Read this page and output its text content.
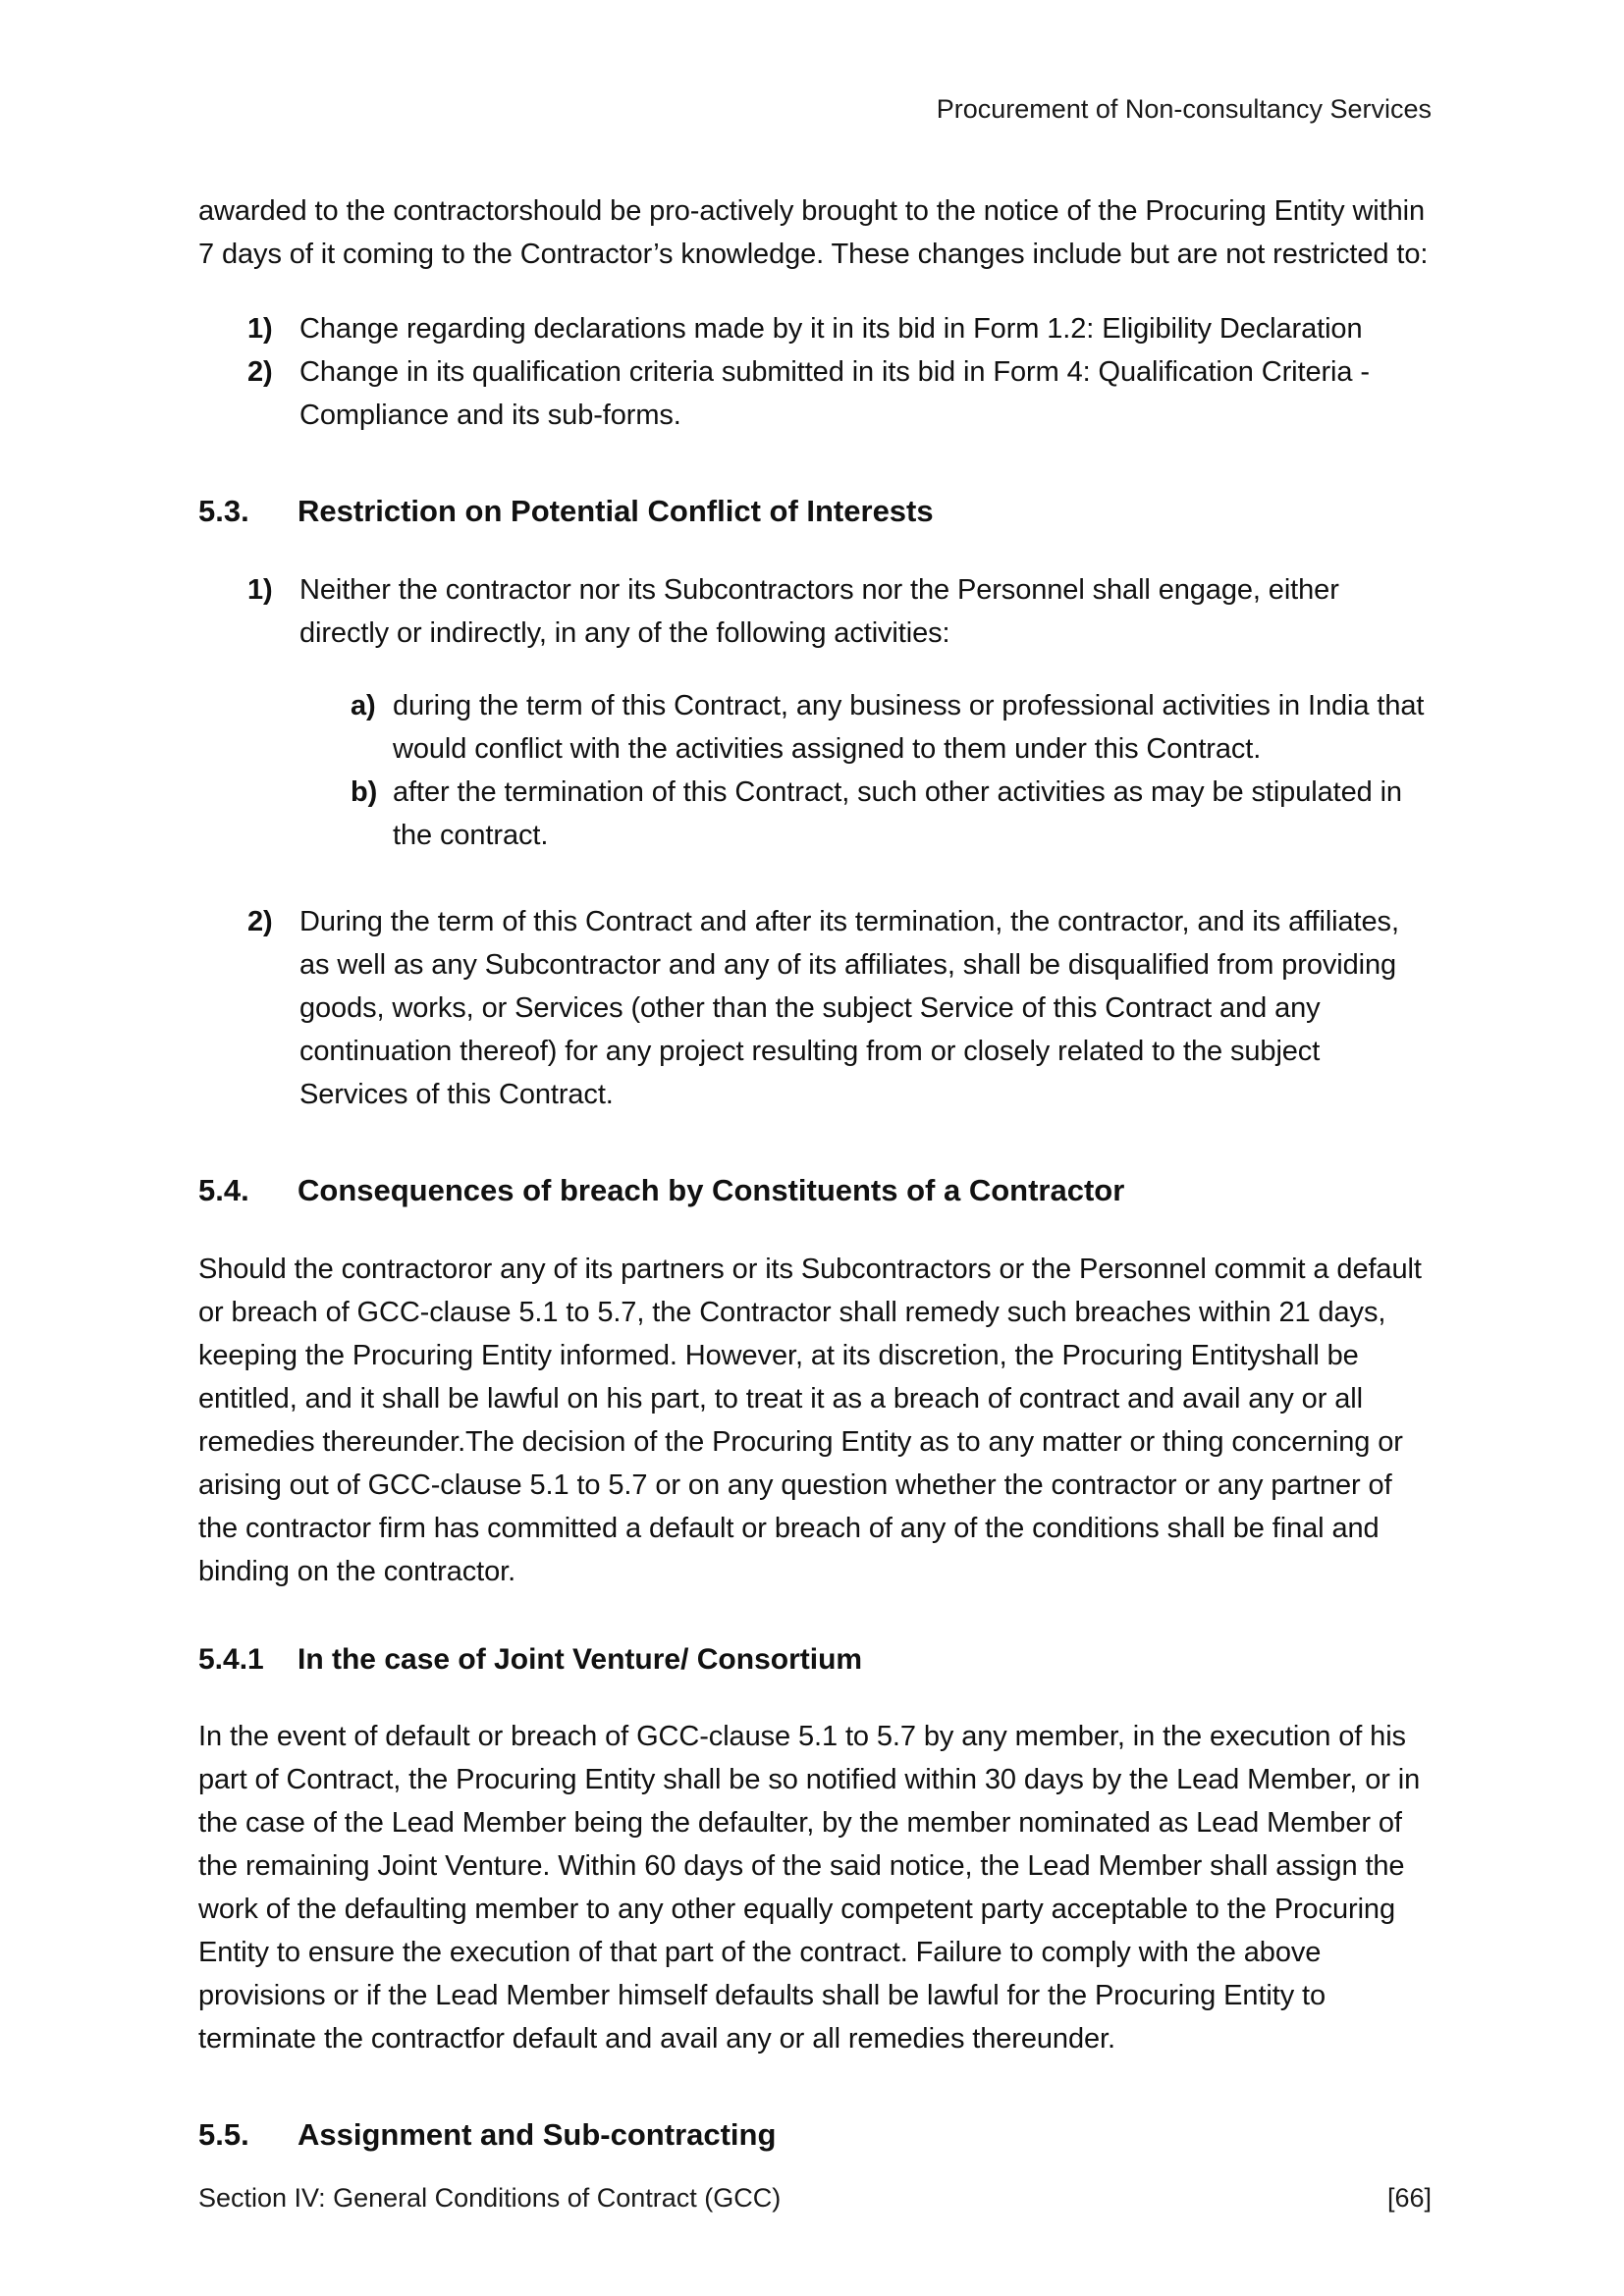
Procurement of Non-consultancy Services

awarded to the contractorshould be pro-actively brought to the notice of the Procuring Entity within 7 days of it coming to the Contractor’s knowledge. These changes include but are not restricted to:

1) Change regarding declarations made by it in its bid in Form 1.2: Eligibility Declaration
2) Change in its qualification criteria submitted in its bid in Form 4: Qualification Criteria - Compliance and its sub-forms.
5.3.	Restriction on Potential Conflict of Interests
1) Neither the contractor nor its Subcontractors nor the Personnel shall engage, either directly or indirectly, in any of the following activities:
a) during the term of this Contract, any business or professional activities in India that would conflict with the activities assigned to them under this Contract.
b) after the termination of this Contract, such other activities as may be stipulated in the contract.
2) During the term of this Contract and after its termination, the contractor, and its affiliates, as well as any Subcontractor and any of its affiliates, shall be disqualified from providing goods, works, or Services (other than the subject Service of this Contract and any continuation thereof) for any project resulting from or closely related to the subject Services of this Contract.
5.4.	Consequences of breach by Constituents of a Contractor

Should the contractoror any of its partners or its Subcontractors or the Personnel commit a default or breach of GCC-clause 5.1 to 5.7, the Contractor shall remedy such breaches within 21 days, keeping the Procuring Entity informed. However, at its discretion, the Procuring Entityshall be entitled, and it shall be lawful on his part, to treat it as a breach of contract and avail any or all remedies thereunder.The decision of the Procuring Entity as to any matter or thing concerning or arising out of GCC-clause 5.1 to 5.7 or on any question whether the contractor or any partner of the contractor firm has committed a default or breach of any of the conditions shall be final and binding on the contractor.

5.4.1	In the case of Joint Venture/ Consortium

In the event of default or breach of GCC-clause 5.1 to 5.7 by any member, in the execution of his part of Contract, the Procuring Entity shall be so notified within 30 days by the Lead Member, or in the case of the Lead Member being the defaulter, by the member nominated as Lead Member of the remaining Joint Venture. Within 60 days of the said notice, the Lead Member shall assign the work of the defaulting member to any other equally competent party acceptable to the Procuring Entity to ensure the execution of that part of the contract. Failure to comply with the above provisions or if the Lead Member himself defaults shall be lawful for the Procuring Entity to terminate the contractfor default and avail any or all remedies thereunder.

5.5.	Assignment and Sub-contracting
Section IV: General Conditions of Contract (GCC)	[66]
